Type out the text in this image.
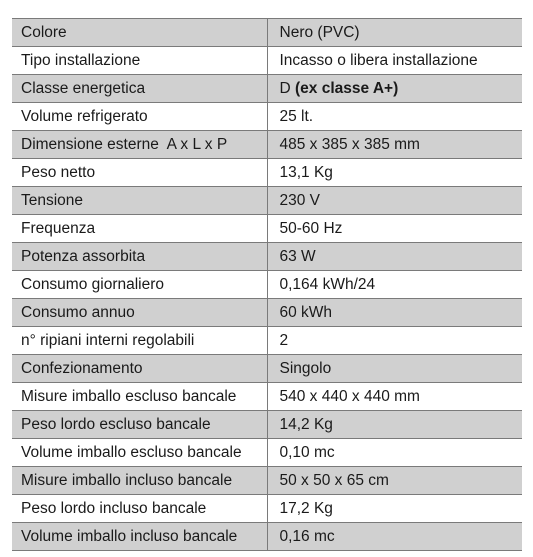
Colore	Nero (PVC)
Tipo installazione	Incasso o libera installazione
Classe energetica	D (ex classe A+)
Volume refrigerato	25 lt.
Dimensione esterne  A x L x P	485 x 385 x 385 mm
Peso netto	13,1 Kg
Tensione	230 V
Frequenza	50-60 Hz
Potenza assorbita	63 W
Consumo giornaliero	0,164 kWh/24
Consumo annuo	60 kWh
n° ripiani interni regolabili	2
Confezionamento	Singolo
Misure imballo escluso bancale	540 x 440 x 440 mm
Peso lordo escluso bancale	14,2 Kg
Volume imballo escluso bancale	0,10 mc
Misure imballo incluso bancale	50 x 50 x 65 cm
Peso lordo incluso bancale	17,2 Kg
Volume imballo incluso bancale	0,16 mc
